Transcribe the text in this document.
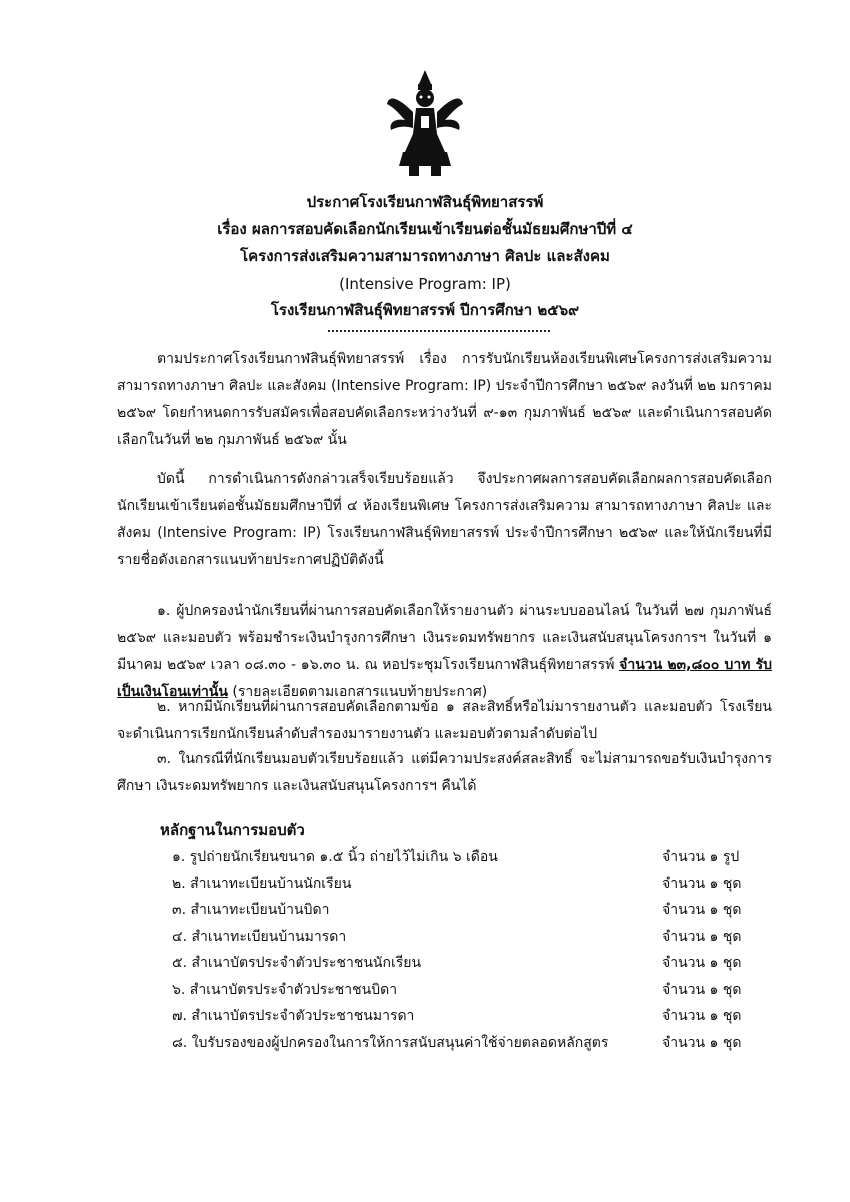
ประกาศโรงเรียนกาฬสินธุ์พิทยาสรรพ์
เรื่อง ผลการสอบคัดเลือกนักเรียนเข้าเรียนต่อชั้นมัธยมศึกษาปีที่ ๔
โครงการส่งเสริมความสามารถทางภาษา ศิลปะ และสังคม
(Intensive Program: IP)
โรงเรียนกาฬสินธุ์พิทยาสรรพ์ ปีการศึกษา ๒๕๖๙
ตามประกาศโรงเรียนกาฬสินธุ์พิทยาสรรพ์ เรื่อง การรับนักเรียนห้องเรียนพิเศษโครงการส่งเสริมความสามารถทางภาษา ศิลปะ และสังคม (Intensive Program: IP) ประจำปีการศึกษา ๒๕๖๙ ลงวันที่ ๒๒ มกราคม ๒๕๖๙ โดยกำหนดการรับสมัครเพื่อสอบคัดเลือกระหว่างวันที่ ๙-๑๓ กุมภาพันธ์ ๒๕๖๙ และดำเนินการสอบคัดเลือกในวันที่ ๒๒ กุมภาพันธ์ ๒๕๖๙ นั้น
บัดนี้ การดำเนินการดังกล่าวเสร็จเรียบร้อยแล้ว จึงประกาศผลการสอบคัดเลือกผลการสอบคัดเลือกนักเรียนเข้าเรียนต่อชั้นมัธยมศึกษาปีที่ ๔ ห้องเรียนพิเศษ โครงการส่งเสริมความ สามารถทางภาษา ศิลปะ และสังคม (Intensive Program: IP) โรงเรียนกาฬสินธุ์พิทยาสรรพ์ ประจำปีการศึกษา ๒๕๖๙ และให้นักเรียนที่มีรายชื่อดังเอกสารแนบท้ายประกาศปฏิบัติดังนี้
๑. ผู้ปกครองนำนักเรียนที่ผ่านการสอบคัดเลือกให้รายงานตัว ผ่านระบบออนไลน์ ในวันที่ ๒๗ กุมภาพันธ์ ๒๕๖๙ และมอบตัว พร้อมชำระเงินบำรุงการศึกษา เงินระดมทรัพยากร และเงินสนับสนุนโครงการฯ ในวันที่ ๑ มีนาคม ๒๕๖๙ เวลา ๐๘.๓๐ - ๑๖.๓๐ น. ณ หอประชุมโรงเรียนกาฬสินธุ์พิทยาสรรพ์ จำนวน ๒๓,๘๐๐ บาท รับเป็นเงินโอนเท่านั้น (รายละเอียดตามเอกสารแนบท้ายประกาศ)
๒. หากมีนักเรียนที่ผ่านการสอบคัดเลือกตามข้อ ๑ สละสิทธิ์หรือไม่มารายงานตัว และมอบตัว โรงเรียนจะดำเนินการเรียกนักเรียนลำดับสำรองมารายงานตัว และมอบตัวตามลำดับต่อไป
๓. ในกรณีที่นักเรียนมอบตัวเรียบร้อยแล้ว แต่มีความประสงค์สละสิทธิ์ จะไม่สามารถขอรับเงินบำรุงการศึกษา เงินระดมทรัพยากร และเงินสนับสนุนโครงการฯ คืนได้
หลักฐานในการมอบตัว
๑. รูปถ่ายนักเรียนขนาด ๑.๕ นิ้ว ถ่ายไว้ไม่เกิน ๖ เดือน	จำนวน ๑ รูป
๒. สำเนาทะเบียนบ้านนักเรียน	จำนวน ๑ ชุด
๓. สำเนาทะเบียนบ้านบิดา	จำนวน ๑ ชุด
๔. สำเนาทะเบียนบ้านมารดา	จำนวน ๑ ชุด
๕. สำเนาบัตรประจำตัวประชาชนนักเรียน	จำนวน ๑ ชุด
๖. สำเนาบัตรประจำตัวประชาชนบิดา	จำนวน ๑ ชุด
๗. สำเนาบัตรประจำตัวประชาชนมารดา	จำนวน ๑ ชุด
๘. ใบรับรองของผู้ปกครองในการให้การสนับสนุนค่าใช้จ่ายตลอดหลักสูตร	จำนวน ๑ ชุด
